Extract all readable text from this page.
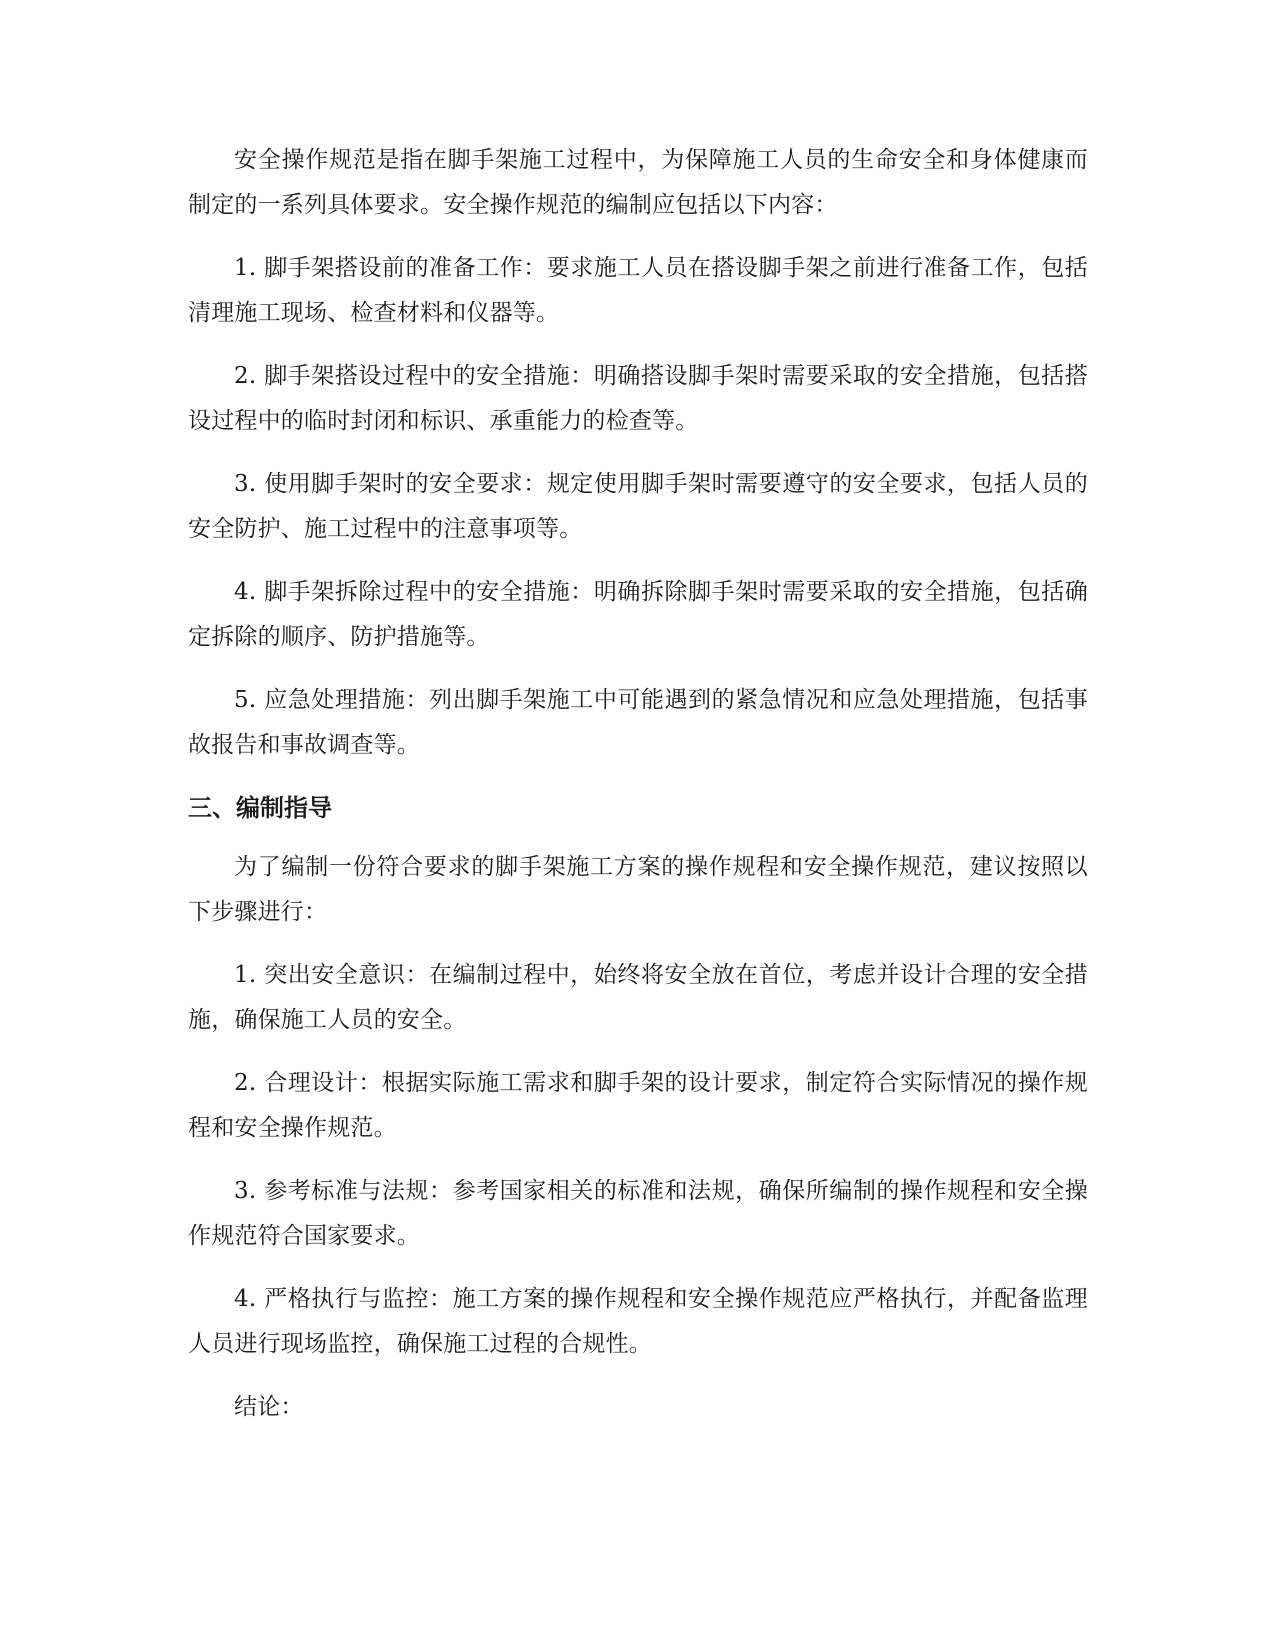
安全操作规范是指在脚手架施工过程中，为保障施工人员的生命安全和身体健康而制定的一系列具体要求。安全操作规范的编制应包括以下内容：

1. 脚手架搭设前的准备工作：要求施工人员在搭设脚手架之前进行准备工作，包括清理施工现场、检查材料和仪器等。

2. 脚手架搭设过程中的安全措施：明确搭设脚手架时需要采取的安全措施，包括搭设过程中的临时封闭和标识、承重能力的检查等。

3. 使用脚手架时的安全要求：规定使用脚手架时需要遵守的安全要求，包括人员的安全防护、施工过程中的注意事项等。

4. 脚手架拆除过程中的安全措施：明确拆除脚手架时需要采取的安全措施，包括确定拆除的顺序、防护措施等。

5. 应急处理措施：列出脚手架施工中可能遇到的紧急情况和应急处理措施，包括事故报告和事故调查等。

三、编制指导

为了编制一份符合要求的脚手架施工方案的操作规程和安全操作规范，建议按照以下步骤进行：

1. 突出安全意识：在编制过程中，始终将安全放在首位，考虑并设计合理的安全措施，确保施工人员的安全。

2. 合理设计：根据实际施工需求和脚手架的设计要求，制定符合实际情况的操作规程和安全操作规范。

3. 参考标准与法规：参考国家相关的标准和法规，确保所编制的操作规程和安全操作规范符合国家要求。

4. 严格执行与监控：施工方案的操作规程和安全操作规范应严格执行，并配备监理人员进行现场监控，确保施工过程的合规性。

结论：
